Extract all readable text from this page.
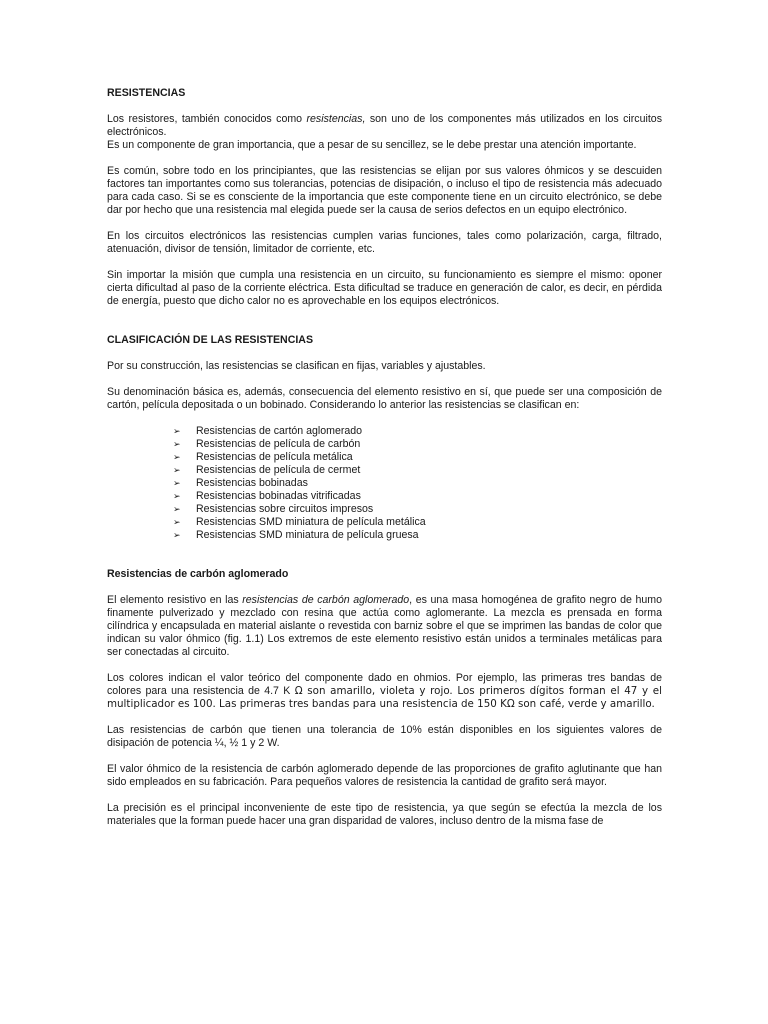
RESISTENCIAS

Los resistores, también conocidos como resistencias, son uno de los componentes más utilizados en los circuitos electrónicos.

Es un componente de gran importancia, que a pesar de su sencillez, se le debe prestar una atención importante.

Es común, sobre todo en los principiantes, que las resistencias se elijan por sus valores óhmicos y se descuiden factores tan importantes como sus tolerancias, potencias de disipación, o incluso el tipo de resistencia más adecuado para cada caso. Si se es consciente de la importancia que este componente tiene en un circuito electrónico, se debe dar por hecho que una resistencia mal elegida puede ser la causa de serios defectos en un equipo electrónico.

En los circuitos electrónicos las resistencias cumplen varias funciones, tales como polarización, carga, filtrado, atenuación, divisor de tensión, limitador de corriente, etc.

Sin importar la misión que cumpla una resistencia en un circuito, su funcionamiento es siempre el mismo: oponer cierta dificultad al paso de la corriente eléctrica. Esta dificultad se traduce en generación de calor, es decir, en pérdida de energía, puesto que dicho calor no es aprovechable en los equipos electrónicos.

CLASIFICACIÓN DE LAS RESISTENCIAS

Por su construcción, las resistencias se clasifican en fijas, variables y ajustables.

Su denominación básica es, además, consecuencia del elemento resistivo en sí, que puede ser una composición de cartón, película depositada o un bobinado. Considerando lo anterior las resistencias se clasifican en:

➢ Resistencias de cartón aglomerado
➢ Resistencias de película de carbón
➢ Resistencias de película metálica
➢ Resistencias de película de cermet
➢ Resistencias bobinadas
➢ Resistencias bobinadas vitrificadas
➢ Resistencias sobre circuitos impresos
➢ Resistencias SMD miniatura de película metálica
➢ Resistencias SMD miniatura de película gruesa
Resistencias de carbón aglomerado

El elemento resistivo en las resistencias de carbón aglomerado, es una masa homogénea de grafito negro de humo finamente pulverizado y mezclado con resina que actúa como aglomerante. La mezcla es prensada en forma cilíndrica y encapsulada en material aislante o revestida con barniz sobre el que se imprimen las bandas de color que indican su valor óhmico (fig. 1.1) Los extremos de este elemento resistivo están unidos a terminales metálicas para ser conectadas al circuito.

Los colores indican el valor teórico del componente dado en ohmios. Por ejemplo, las primeras tres bandas de colores para una resistencia de 4.7 K Ω son amarillo, violeta y rojo. Los primeros dígitos forman el 47 y el multiplicador es 100. Las primeras tres bandas para una resistencia de 150 KΩ son café, verde y amarillo.

Las resistencias de carbón que tienen una tolerancia de 10% están disponibles en los siguientes valores de disipación de potencia ¼, ½ 1 y 2 W.

El valor óhmico de la resistencia de carbón aglomerado depende de las proporciones de grafito aglutinante que han sido empleados en su fabricación. Para pequeños valores de resistencia la cantidad de grafito será mayor.

La precisión es el principal inconveniente de este tipo de resistencia, ya que según se efectúa la mezcla de los materiales que la forman puede hacer una gran disparidad de valores, incluso dentro de la misma fase de
